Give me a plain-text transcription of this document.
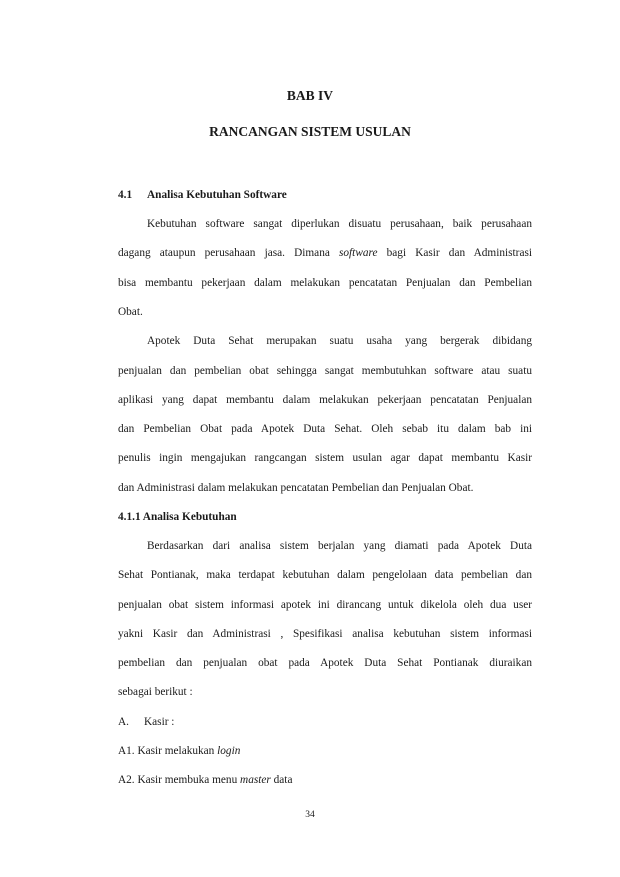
BAB IV
RANCANGAN SISTEM USULAN

4.1 Analisa Kebutuhan Software

Kebutuhan software sangat diperlukan disuatu perusahaan, baik perusahaan

dagang ataupun perusahaan jasa. Dimana software bagi Kasir dan Administrasi

bisa membantu pekerjaan dalam melakukan pencatatan Penjualan dan Pembelian

Obat.

Apotek Duta Sehat merupakan suatu usaha yang bergerak dibidang

penjualan dan pembelian obat sehingga sangat membutuhkan software atau suatu

aplikasi yang dapat membantu dalam melakukan pekerjaan pencatatan Penjualan

dan Pembelian Obat pada Apotek Duta Sehat. Oleh sebab itu dalam bab ini

penulis ingin mengajukan rangcangan sistem usulan agar dapat membantu Kasir

dan Administrasi dalam melakukan pencatatan Pembelian dan Penjualan Obat.

4.1.1 Analisa Kebutuhan

Berdasarkan dari analisa sistem berjalan yang diamati pada Apotek Duta

Sehat Pontianak, maka terdapat kebutuhan dalam pengelolaan data pembelian dan

penjualan obat sistem informasi apotek ini dirancang untuk dikelola oleh dua user

yakni Kasir dan Administrasi , Spesifikasi analisa kebutuhan sistem informasi

pembelian dan penjualan obat pada Apotek Duta Sehat Pontianak diuraikan

sebagai berikut :

A. Kasir :

A1. Kasir melakukan login

A2. Kasir membuka menu master data

34
